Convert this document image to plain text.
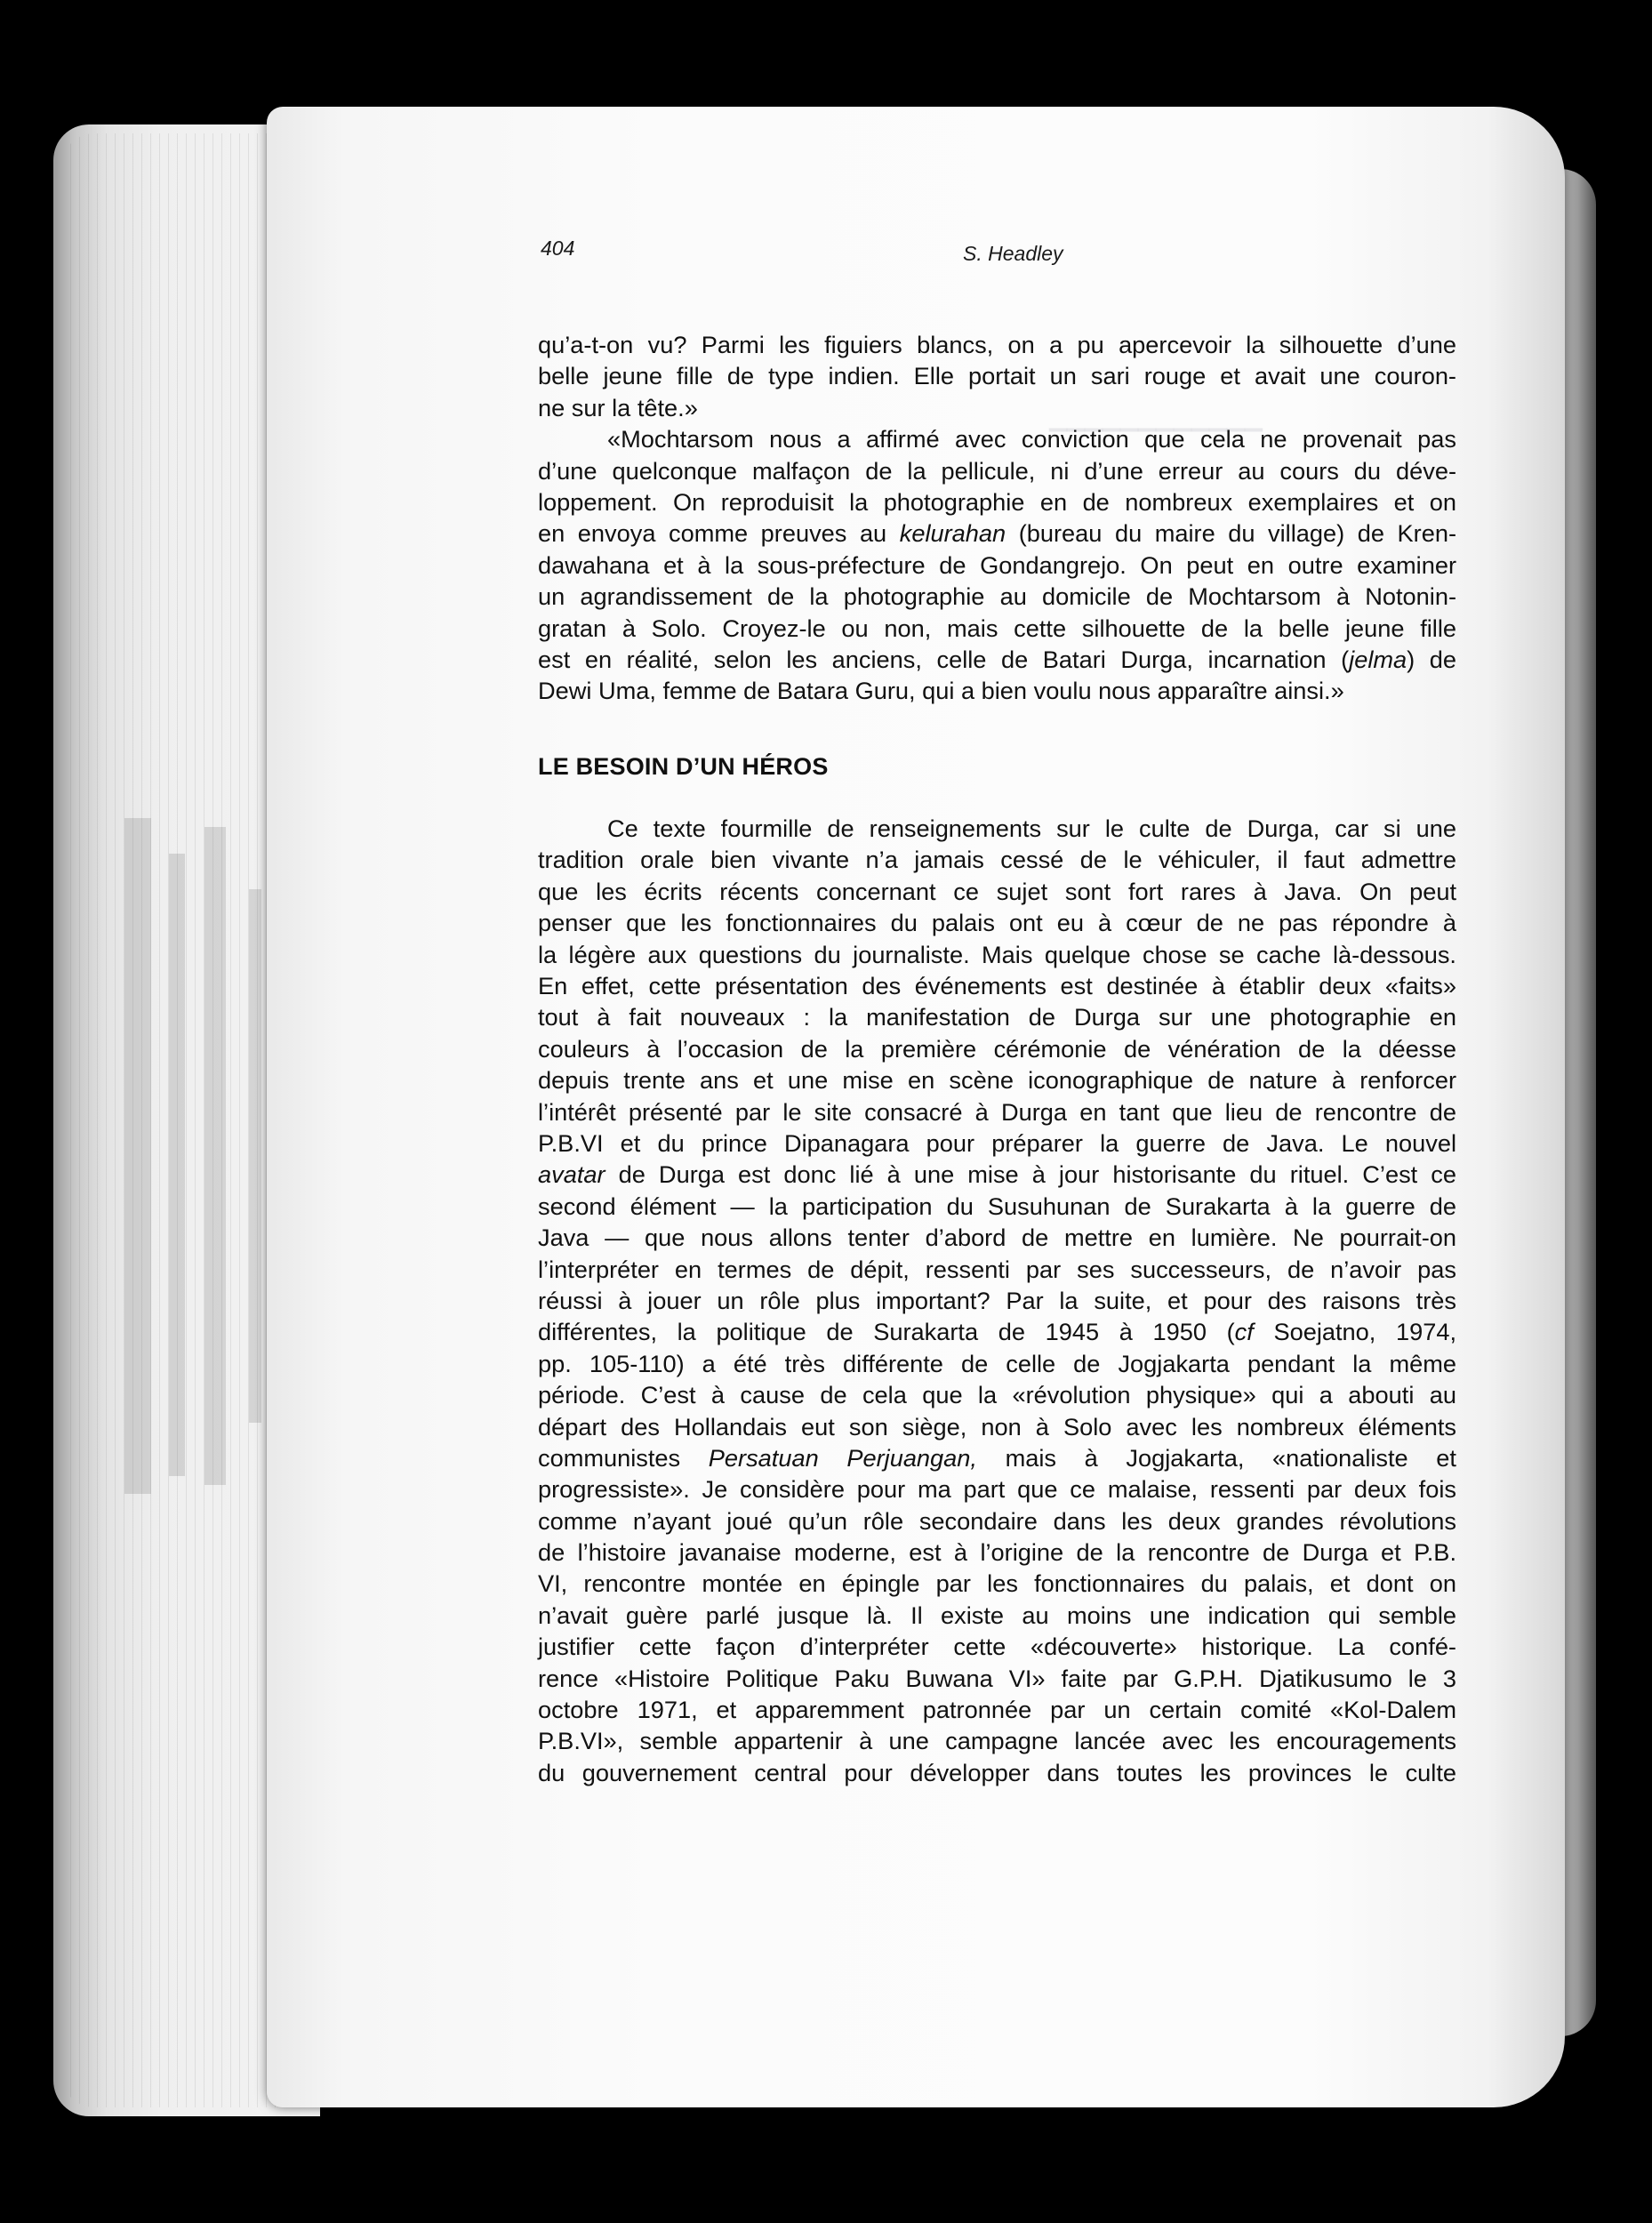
‎▁▁▁▁▁▁▁▁▁▁▁▁
404	S. Headley
qu’a-t-on vu? Parmi les figuiers blancs, on a pu apercevoir la silhouette d’une
belle jeune fille de type indien. Elle portait un sari rouge et avait une couron-
ne sur la tête.»
«Mochtarsom nous a affirmé avec conviction que cela ne provenait pas
d’une quelconque malfaçon de la pellicule, ni d’une erreur au cours du déve-
loppement. On reproduisit la photographie en de nombreux exemplaires et on
en envoya comme preuves au kelurahan (bureau du maire du village) de Kren-
dawahana et à la sous-préfecture de Gondangrejo. On peut en outre examiner
un agrandissement de la photographie au domicile de Mochtarsom à Notonin-
gratan à Solo. Croyez-le ou non, mais cette silhouette de la belle jeune fille
est en réalité, selon les anciens, celle de Batari Durga, incarnation (jelma) de
Dewi Uma, femme de Batara Guru, qui a bien voulu nous apparaître ainsi.»
LE BESOIN D’UN HÉROS
Ce texte fourmille de renseignements sur le culte de Durga, car si une
tradition orale bien vivante n’a jamais cessé de le véhiculer, il faut admettre
que les écrits récents concernant ce sujet sont fort rares à Java. On peut
penser que les fonctionnaires du palais ont eu à cœur de ne pas répondre à
la légère aux questions du journaliste. Mais quelque chose se cache là-dessous.
En effet, cette présentation des événements est destinée à établir deux «faits»
tout à fait nouveaux : la manifestation de Durga sur une photographie en
couleurs à l’occasion de la première cérémonie de vénération de la déesse
depuis trente ans et une mise en scène iconographique de nature à renforcer
l’intérêt présenté par le site consacré à Durga en tant que lieu de rencontre de
P.B.VI et du prince Dipanagara pour préparer la guerre de Java. Le nouvel
avatar de Durga est donc lié à une mise à jour historisante du rituel. C’est ce
second élément — la participation du Susuhunan de Surakarta à la guerre de
Java — que nous allons tenter d’abord de mettre en lumière. Ne pourrait-on
l’interpréter en termes de dépit, ressenti par ses successeurs, de n’avoir pas
réussi à jouer un rôle plus important? Par la suite, et pour des raisons très
différentes, la politique de Surakarta de 1945 à 1950 (cf Soejatno, 1974,
pp. 105-110) a été très différente de celle de Jogjakarta pendant la même
période. C’est à cause de cela que la «révolution physique» qui a abouti au
départ des Hollandais eut son siège, non à Solo avec les nombreux éléments
communistes Persatuan Perjuangan, mais à Jogjakarta, «nationaliste et
progressiste». Je considère pour ma part que ce malaise, ressenti par deux fois
comme n’ayant joué qu’un rôle secondaire dans les deux grandes révolutions
de l’histoire javanaise moderne, est à l’origine de la rencontre de Durga et P.B.
VI, rencontre montée en épingle par les fonctionnaires du palais, et dont on
n’avait guère parlé jusque là. Il existe au moins une indication qui semble
justifier cette façon d’interpréter cette «découverte» historique. La confé-
rence «Histoire Politique Paku Buwana VI» faite par G.P.H. Djatikusumo le 3
octobre 1971, et apparemment patronnée par un certain comité «Kol-Dalem
P.B.VI», semble appartenir à une campagne lancée avec les encouragements
du gouvernement central pour développer dans toutes les provinces le culte
